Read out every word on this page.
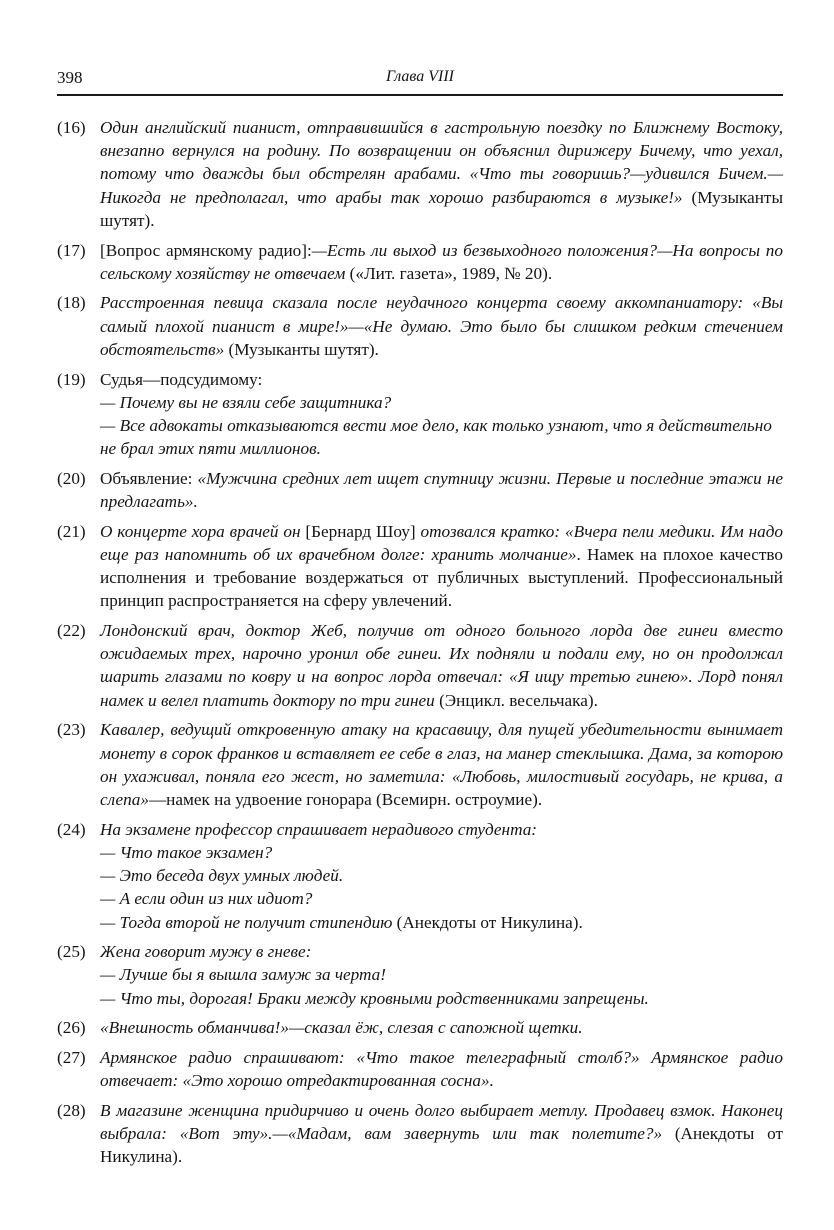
398	Глава VIII
(16) Один английский пианист, отправившийся в гастрольную поездку по Ближнему Востоку, внезапно вернулся на родину. По возвращении он объяснил дирижеру Бичему, что уехал, потому что дважды был обстрелян арабами. «Что ты говоришь?—удивился Бичем.—Никогда не предполагал, что арабы так хорошо разбираются в музыке!» (Музыканты шутят).

(17) [Вопрос армянскому радио]:—Есть ли выход из безвыходного положения?—На вопросы по сельскому хозяйству не отвечаем («Лит. газета», 1989, № 20).

(18) Расстроенная певица сказала после неудачного концерта своему аккомпаниатору: «Вы самый плохой пианист в мире!»—«Не думаю. Это было бы слишком редким стечением обстоятельств» (Музыканты шутят).

(19) Судья—подсудимому:

— Почему вы не взяли себе защитника?

— Все адвокаты отказываются вести мое дело, как только узнают, что я действительно не брал этих пяти миллионов.

(20) Объявление: «Мужчина средних лет ищет спутницу жизни. Первые и последние этажи не предлагать».

(21) О концерте хора врачей он [Бернард Шоу] отозвался кратко: «Вчера пели медики. Им надо еще раз напомнить об их врачебном долге: хранить молчание». Намек на плохое качество исполнения и требование воздержаться от публичных выступлений. Профессиональный принцип распространяется на сферу увлечений.

(22) Лондонский врач, доктор Жеб, получив от одного больного лорда две гинеи вместо ожидаемых трех, нарочно уронил обе гинеи. Их подняли и подали ему, но он продолжал шарить глазами по ковру и на вопрос лорда отвечал: «Я ищу третью гинею». Лорд понял намек и велел платить доктору по три гинеи (Энцикл. весельчака).

(23) Кавалер, ведущий откровенную атаку на красавицу, для пущей убедительности вынимает монету в сорок франков и вставляет ее себе в глаз, на манер стеклышка. Дама, за которою он ухаживал, поняла его жест, но заметила: «Любовь, милостивый государь, не крива, а слепа»—намек на удвоение гонорара (Всемирн. остроумие).

(24) На экзамене профессор спрашивает нерадивого студента:

— Что такое экзамен?

— Это беседа двух умных людей.

— А если один из них идиот?

— Тогда второй не получит стипендию (Анекдоты от Никулина).

(25) Жена говорит мужу в гневе:

— Лучше бы я вышла замуж за черта!

— Что ты, дорогая! Браки между кровными родственниками запрещены.

(26) «Внешность обманчива!»—сказал ёж, слезая с сапожной щетки.

(27) Армянское радио спрашивают: «Что такое телеграфный столб?» Армянское радио отвечает: «Это хорошо отредактированная сосна».

(28) В магазине женщина придирчиво и очень долго выбирает метлу. Продавец взмок. Наконец выбрала: «Вот эту».—«Мадам, вам завернуть или так полетите?» (Анекдоты от Никулина).
